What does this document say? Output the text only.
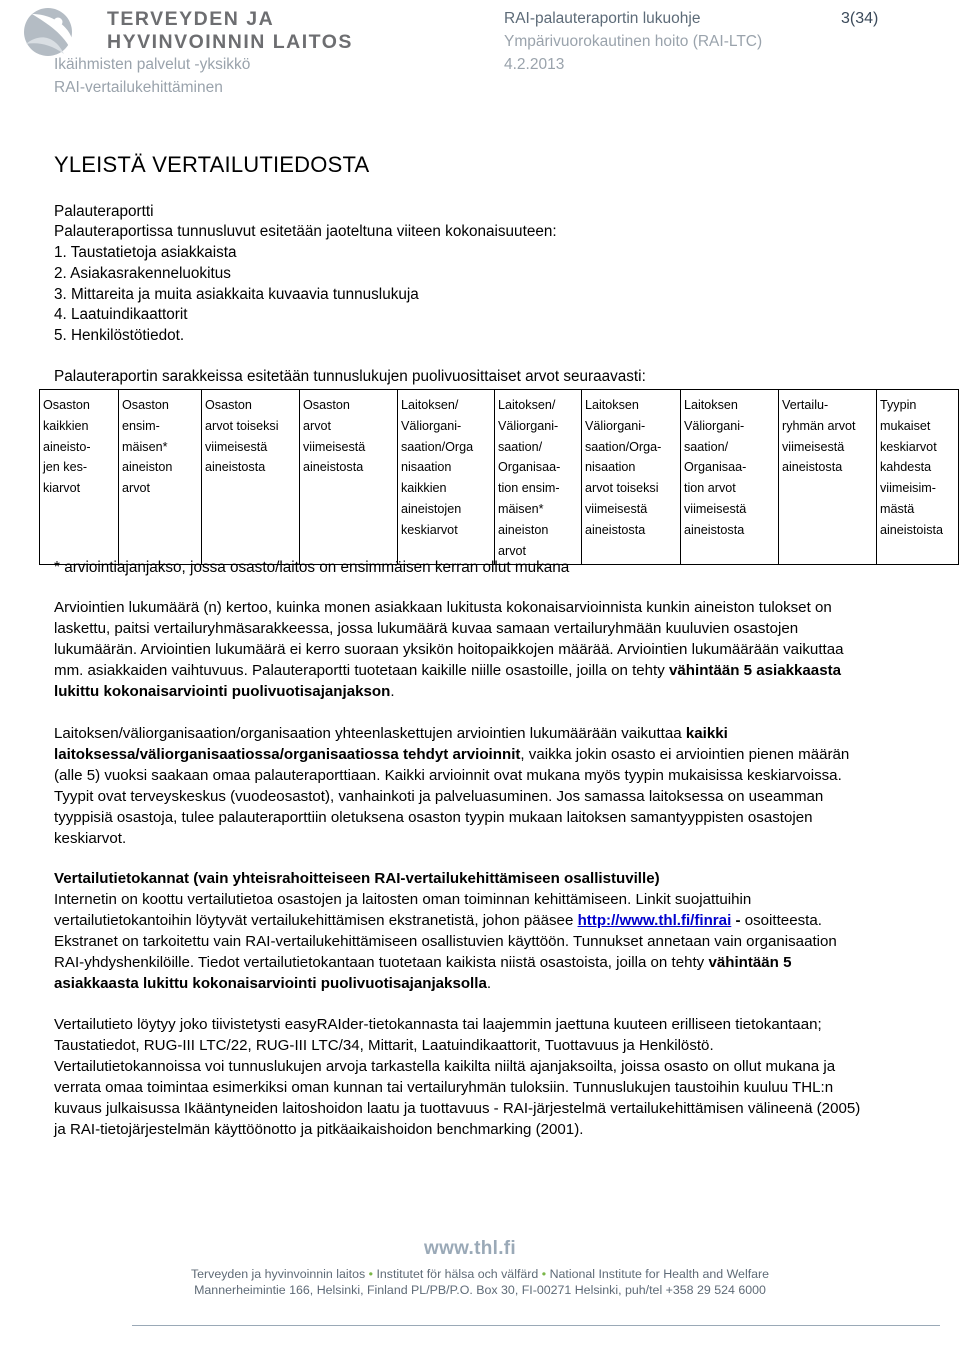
TERVEYDEN JA
HYVINVOINNIN LAITOS
Ikäihmisten palvelut -yksikkö
RAI-vertailukehittäminen
RAI-palauteraportin lukuohje
Ympärivuorokautinen hoito (RAI-LTC)
4.2.2013
3(34)
YLEISTÄ VERTAILUTIEDOSTA
Palauteraportti
Palauteraportissa tunnusluvut esitetään jaoteltuna viiteen kokonaisuuteen:
1. Taustatietoja asiakkaista
2. Asiakasrakenneluokitus
3. Mittareita ja muita asiakkaita kuvaavia tunnuslukuja
4. Laatuindikaattorit
5. Henkilöstötiedot.
Palauteraportin sarakkeissa esitetään tunnuslukujen puolivuosittaiset arvot seuraavasti:
Osaston
kaikkien
aineisto-
jen kes-
kiarvot	Osaston
ensim-
mäisen*
aineiston
arvot	Osaston
arvot toiseksi
viimeisestä
aineistosta	Osaston
arvot
viimeisestä
aineistosta	Laitoksen/
Väliorgani-
saation/Orga
nisaation
kaikkien
aineistojen
keskiarvot	Laitoksen/
Väliorgani-
saation/
Organisaa-
tion ensim-
mäisen*
aineiston
arvot	Laitoksen
Väliorgani-
saation/Orga-
nisaation
arvot toiseksi
viimeisestä
aineistosta	Laitoksen
Väliorgani-
saation/
Organisaa-
tion arvot
viimeisestä
aineistosta	Vertailu-
ryhmän arvot
viimeisestä
aineistosta	Tyypin
mukaiset
keskiarvot
kahdesta
viimeisim-
mästä
aineistoista
* arviointiajanjakso, jossa osasto/laitos on ensimmäisen kerran ollut mukana
Arviointien lukumäärä (n) kertoo, kuinka monen asiakkaan lukitusta kokonaisarvioinnista kunkin aineiston tulokset on laskettu, paitsi vertailuryhmäsarakkeessa, jossa lukumäärä kuvaa samaan vertailuryhmään kuuluvien osastojen lukumäärän. Arviointien lukumäärä ei kerro suoraan yksikön hoitopaikkojen määrää. Arviointien lukumäärään vaikuttaa mm. asiakkaiden vaihtuvuus. Palauteraportti tuotetaan kaikille niille osastoille, joilla on tehty vähintään 5 asiakkaasta lukittu kokonaisarviointi puolivuotisajanjakson.
Laitoksen/väliorganisaation/organisaation yhteenlaskettujen arviointien lukumäärään vaikuttaa kaikki laitoksessa/väliorganisaatiossa/organisaatiossa tehdyt arvioinnit, vaikka jokin osasto ei arviointien pienen määrän (alle 5) vuoksi saakaan omaa palauteraporttiaan. Kaikki arvioinnit ovat mukana myös tyypin mukaisissa keskiarvoissa. Tyypit ovat terveyskeskus (vuodeosastot), vanhainkoti ja palveluasuminen. Jos samassa laitoksessa on useamman tyyppisiä osastoja, tulee palauteraporttiin oletuksena osaston tyypin mukaan laitoksen samantyyppisten osastojen keskiarvot.
Vertailutietokannat (vain yhteisrahoitteiseen RAI-vertailukehittämiseen osallistuville)
Internetin on koottu vertailutietoa osastojen ja laitosten oman toiminnan kehittämiseen. Linkit suojattuihin vertailutietokantoihin löytyvät vertailukehittämisen ekstranetistä, johon pääsee http://www.thl.fi/finrai - osoitteesta. Ekstranet on tarkoitettu vain RAI-vertailukehittämiseen osallistuvien käyttöön. Tunnukset annetaan vain organisaation RAI-yhdyshenkilöille. Tiedot vertailutietokantaan tuotetaan kaikista niistä osastoista, joilla on tehty vähintään 5 asiakkaasta lukittu kokonaisarviointi puolivuotisajanjaksolla.
Vertailutieto löytyy joko tiivistetysti easyRAIder-tietokannasta tai laajemmin jaettuna kuuteen erilliseen tietokantaan; Taustatiedot, RUG-III LTC/22, RUG-III LTC/34, Mittarit, Laatuindikaattorit, Tuottavuus ja Henkilöstö. Vertailutietokannoissa voi tunnuslukujen arvoja tarkastella kaikilta niiltä ajanjaksoilta, joissa osasto on ollut mukana ja verrata omaa toimintaa esimerkiksi oman kunnan tai vertailuryhmän tuloksiin. Tunnuslukujen taustoihin kuuluu THL:n kuvaus julkaisussa Ikääntyneiden laitoshoidon laatu ja tuottavuus - RAI-järjestelmä vertailukehittämisen välineenä (2005) ja RAI-tietojärjestelmän käyttöönotto ja pitkäaikaishoidon benchmarking (2001).
www.thl.fi
Terveyden ja hyvinvoinnin laitos • Institutet för hälsa och välfärd • National Institute for Health and Welfare
Mannerheimintie 166, Helsinki, Finland PL/PB/P.O. Box 30, FI-00271 Helsinki, puh/tel +358 29 524 6000
